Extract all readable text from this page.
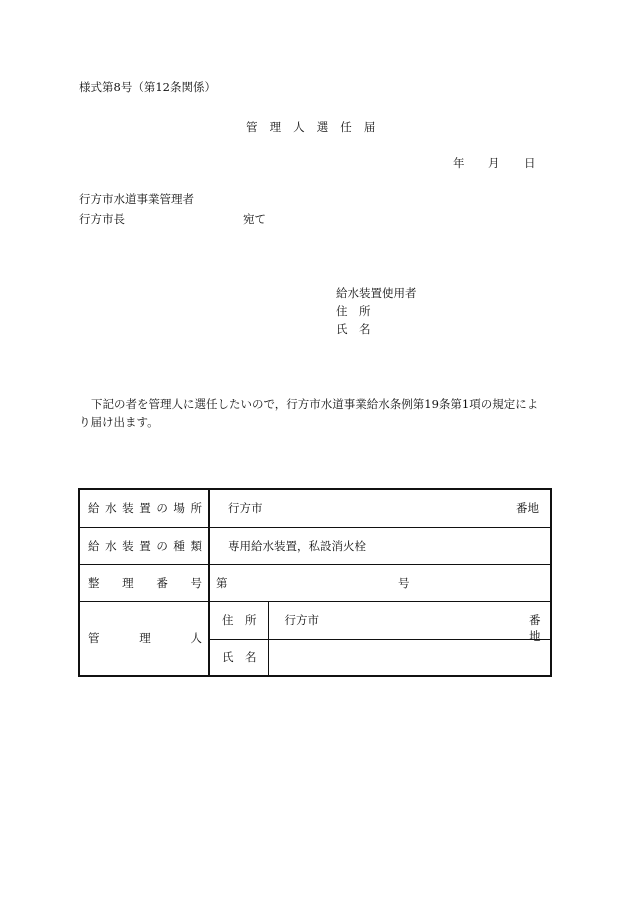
様式第8号（第12条関係）
管理人選任届
年 月 日
行方市水道事業管理者
行方市長	宛て
給水装置使用者
住　所
氏　名
下記の者を管理人に選任したいので，行方市水道事業給水条例第19条第1項の規定によ
り届け出ます。
給水装置の場所	行方市 番地	

給水装置の種類	専用給水装置，私設消火栓	
整理番号	第 号	

管理人	住　所	行方市 番地

	氏　名	
